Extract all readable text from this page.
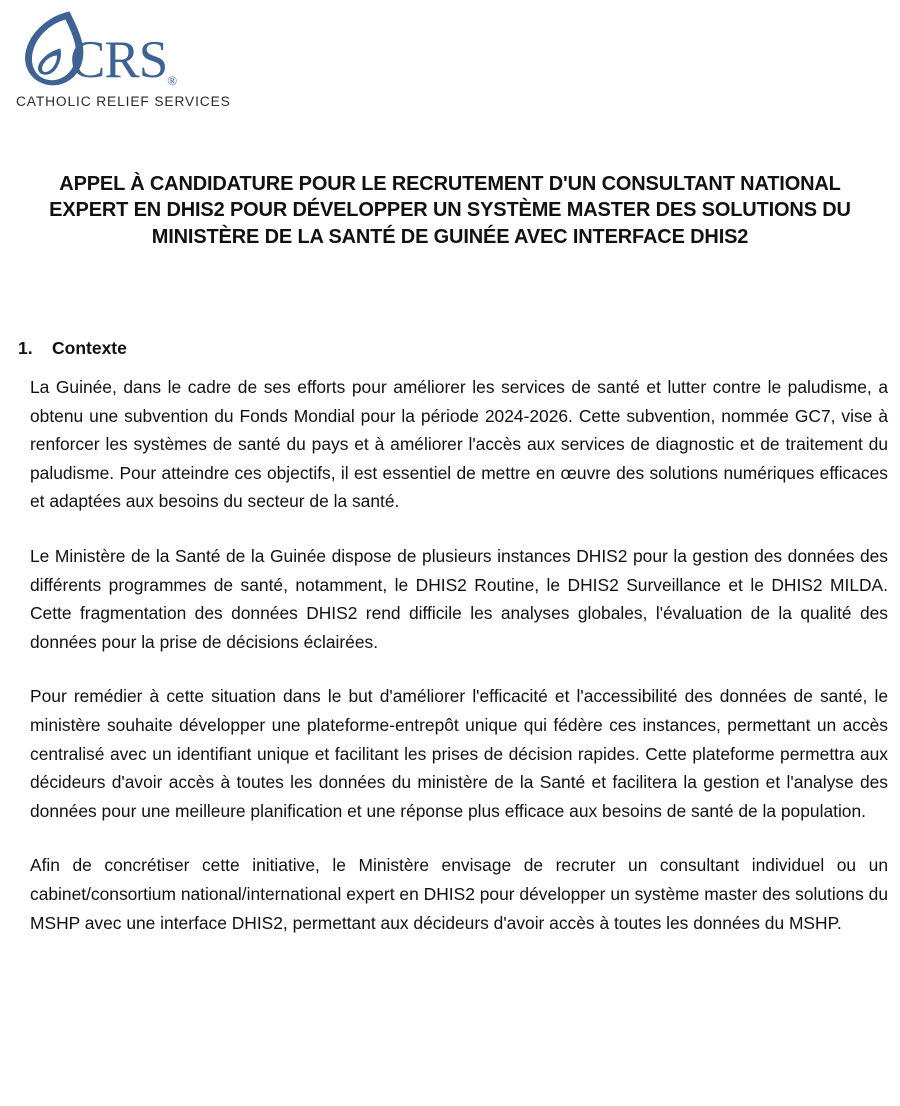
CRS®
CATHOLIC RELIEF SERVICES
APPEL À CANDIDATURE POUR LE RECRUTEMENT D'UN CONSULTANT NATIONAL EXPERT EN DHIS2 POUR DÉVELOPPER UN SYSTÈME MASTER DES SOLUTIONS DU MINISTÈRE DE LA SANTÉ DE GUINÉE AVEC INTERFACE DHIS2
1. Contexte

La Guinée, dans le cadre de ses efforts pour améliorer les services de santé et lutter contre le paludisme, a obtenu une subvention du Fonds Mondial pour la période 2024-2026. Cette subvention, nommée GC7, vise à renforcer les systèmes de santé du pays et à améliorer l'accès aux services de diagnostic et de traitement du paludisme. Pour atteindre ces objectifs, il est essentiel de mettre en œuvre des solutions numériques efficaces et adaptées aux besoins du secteur de la santé.

Le Ministère de la Santé de la Guinée dispose de plusieurs instances DHIS2 pour la gestion des données des différents programmes de santé, notamment, le DHIS2 Routine, le DHIS2 Surveillance et le DHIS2 MILDA. Cette fragmentation des données DHIS2 rend difficile les analyses globales, l'évaluation de la qualité des données pour la prise de décisions éclairées.

Pour remédier à cette situation dans le but d'améliorer l'efficacité et l'accessibilité des données de santé, le ministère souhaite développer une plateforme-entrepôt unique qui fédère ces instances, permettant un accès centralisé avec un identifiant unique et facilitant les prises de décision rapides. Cette plateforme permettra aux décideurs d'avoir accès à toutes les données du ministère de la Santé et facilitera la gestion et l'analyse des données pour une meilleure planification et une réponse plus efficace aux besoins de santé de la population.

Afin de concrétiser cette initiative, le Ministère envisage de recruter un consultant individuel ou un cabinet/consortium national/international expert en DHIS2 pour développer un système master des solutions du MSHP avec une interface DHIS2, permettant aux décideurs d'avoir accès à toutes les données du MSHP.
